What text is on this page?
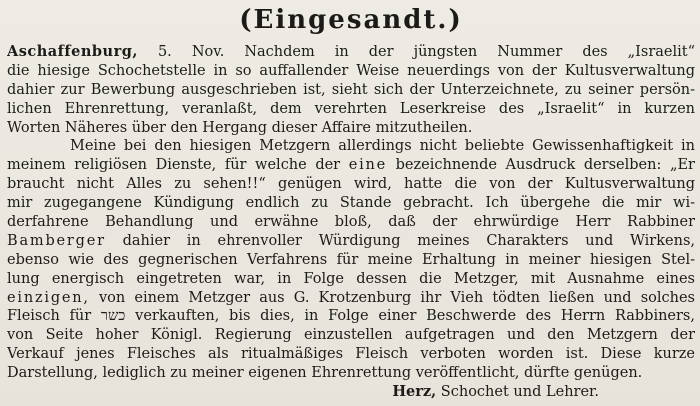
(Eingesandt.)
Aschaffenburg, 5. Nov. Nachdem in der jüngsten Nummer des „Israelit“
die hiesige Schochetstelle in so auffallender Weise neuerdings von der Kultusverwaltung
dahier zur Bewerbung ausgeschrieben ist, sieht sich der Unterzeichnete, zu seiner persön-
lichen Ehrenrettung, veranlaßt, dem verehrten Leserkreise des „Israelit“ in kurzen
Worten Näheres über den Hergang dieser Affaire mitzutheilen.
Meine bei den hiesigen Metzgern allerdings nicht beliebte Gewissenhaftigkeit in
meinem religiösen Dienste, für welche der eine bezeichnende Ausdruck derselben: „Er
braucht nicht Alles zu sehen!!“ genügen wird, hatte die von der Kultusverwaltung
mir zugegangene Kündigung endlich zu Stande gebracht. Ich übergehe die mir wi-
derfahrene Behandlung und erwähne bloß, daß der ehrwürdige Herr Rabbiner
Bamberger dahier in ehrenvoller Würdigung meines Charakters und Wirkens,
ebenso wie des gegnerischen Verfahrens für meine Erhaltung in meiner hiesigen Stel-
lung energisch eingetreten war, in Folge dessen die Metzger, mit Ausnahme eines
einzigen, von einem Metzger aus G. Krotzenburg ihr Vieh tödten ließen und solches
Fleisch für כשר verkauften, bis dies, in Folge einer Beschwerde des Herrn Rabbiners,
von Seite hoher Königl. Regierung einzustellen aufgetragen und den Metzgern der
Verkauf jenes Fleisches als ritualmäßiges Fleisch verboten worden ist. Diese kurze
Darstellung, lediglich zu meiner eigenen Ehrenrettung veröffentlicht, dürfte genügen.
Herz, Schochet und Lehrer.
